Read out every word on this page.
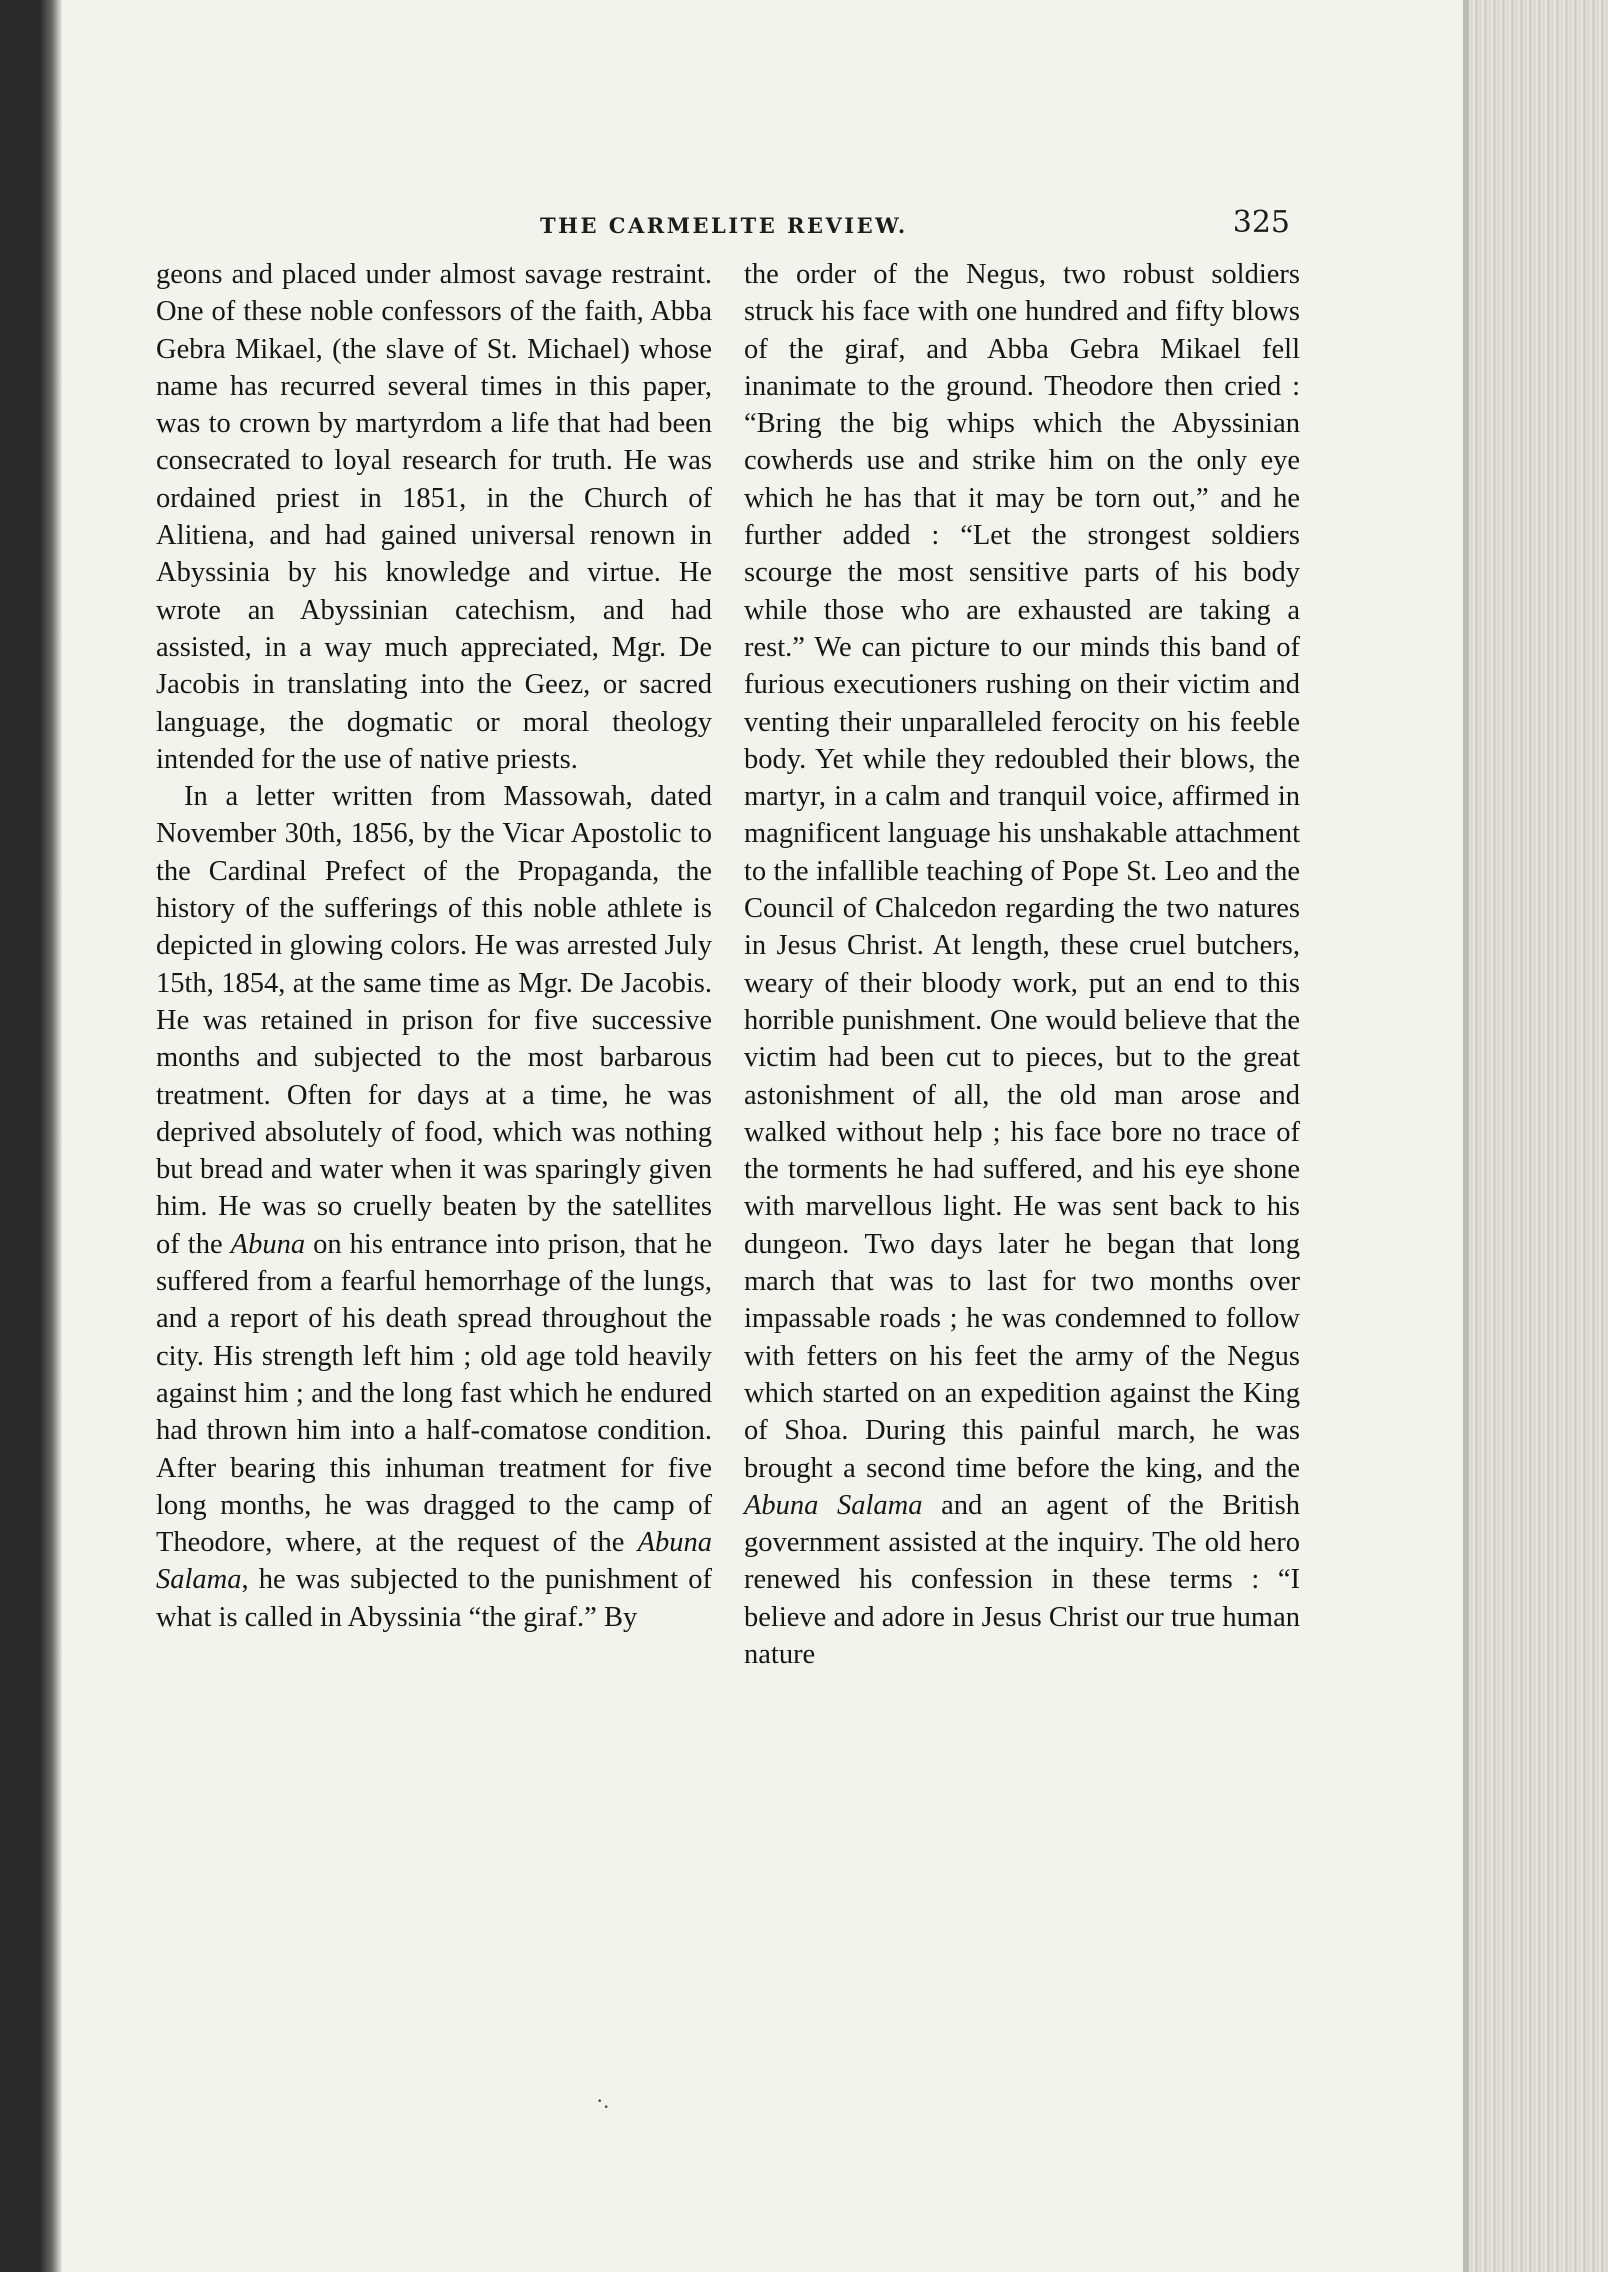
THE CARMELITE REVIEW.	325

geons and placed under almost savage restraint. One of these noble confessors of the faith, Abba Gebra Mikael, (the slave of St. Michael) whose name has recurred several times in this paper, was to crown by martyrdom a life that had been consecrated to loyal research for truth. He was ordained priest in 1851, in the Church of Alitiena, and had gained universal renown in Abyssinia by his knowledge and virtue. He wrote an Abyssinian catechism, and had assisted, in a way much appreciated, Mgr. De Jacobis in translating into the Geez, or sacred language, the dogmatic or moral theology intended for the use of native priests.

In a letter written from Massowah, dated November 30th, 1856, by the Vicar Apostolic to the Cardinal Prefect of the Propaganda, the history of the sufferings of this noble athlete is depicted in glowing colors. He was arrested July 15th, 1854, at the same time as Mgr. De Jacobis. He was retained in prison for five successive months and subjected to the most barbarous treatment. Often for days at a time, he was deprived absolutely of food, which was nothing but bread and water when it was sparingly given him. He was so cruelly beaten by the satellites of the Abuna on his entrance into prison, that he suffered from a fearful hemorrhage of the lungs, and a report of his death spread throughout the city. His strength left him ; old age told heavily against him ; and the long fast which he endured had thrown him into a half-comatose condition. After bearing this inhuman treatment for five long months, he was dragged to the camp of Theodore, where, at the request of the Abuna Salama, he was subjected to the punishment of what is called in Abyssinia “the giraf.” By

the order of the Negus, two robust soldiers struck his face with one hundred and fifty blows of the giraf, and Abba Gebra Mikael fell inanimate to the ground. Theodore then cried : “Bring the big whips which the Abyssinian cowherds use and strike him on the only eye which he has that it may be torn out,” and he further added : “Let the strongest soldiers scourge the most sensitive parts of his body while those who are exhausted are taking a rest.” We can picture to our minds this band of furious executioners rushing on their victim and venting their unparalleled ferocity on his feeble body. Yet while they redoubled their blows, the martyr, in a calm and tranquil voice, affirmed in magnificent language his unshakable attachment to the infallible teaching of Pope St. Leo and the Council of Chalcedon regarding the two natures in Jesus Christ. At length, these cruel butchers, weary of their bloody work, put an end to this horrible punishment. One would believe that the victim had been cut to pieces, but to the great astonishment of all, the old man arose and walked without help ; his face bore no trace of the torments he had suffered, and his eye shone with marvellous light. He was sent back to his dungeon. Two days later he began that long march that was to last for two months over impassable roads ; he was condemned to follow with fetters on his feet the army of the Negus which started on an expedition against the King of Shoa. During this painful march, he was brought a second time before the king, and the Abuna Salama and an agent of the British government assisted at the inquiry. The old hero renewed his confession in these terms : “I believe and adore in Jesus Christ our true human nature

·.
